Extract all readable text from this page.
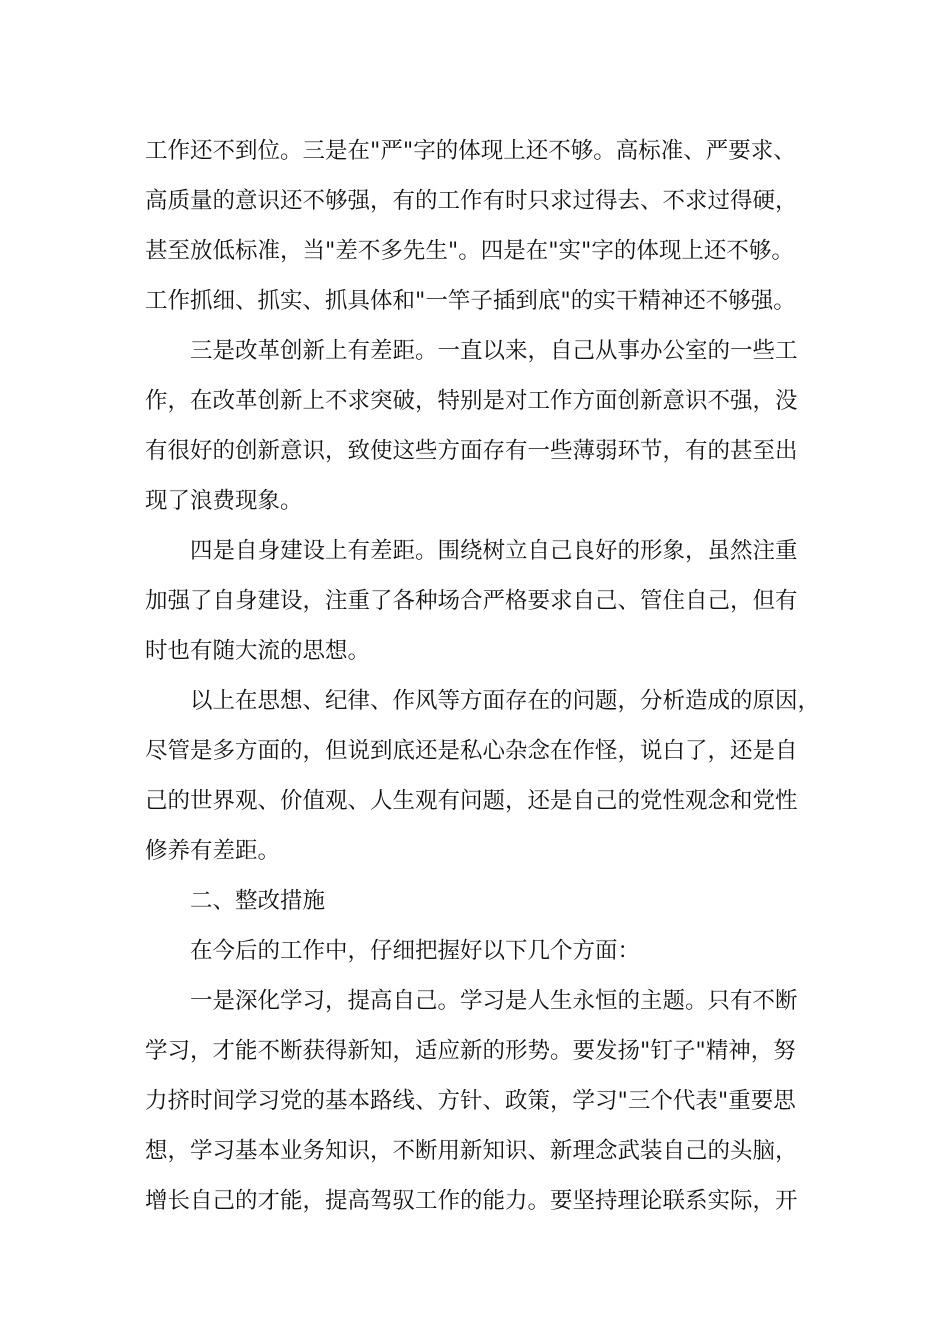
工作还不到位。三是在"严"字的体现上还不够。高标准、严要求、
高质量的意识还不够强，有的工作有时只求过得去、不求过得硬，
甚至放低标准，当"差不多先生"。四是在"实"字的体现上还不够。
工作抓细、抓实、抓具体和"一竿子插到底"的实干精神还不够强。
三是改革创新上有差距。一直以来，自己从事办公室的一些工
作，在改革创新上不求突破，特别是对工作方面创新意识不强，没
有很好的创新意识，致使这些方面存有一些薄弱环节，有的甚至出
现了浪费现象。
四是自身建设上有差距。围绕树立自己良好的形象，虽然注重
加强了自身建设，注重了各种场合严格要求自己、管住自己，但有
时也有随大流的思想。
以上在思想、纪律、作风等方面存在的问题，分析造成的原因，
尽管是多方面的，但说到底还是私心杂念在作怪，说白了，还是自
己的世界观、价值观、人生观有问题，还是自己的党性观念和党性
修养有差距。
二、整改措施
在今后的工作中，仔细把握好以下几个方面：
一是深化学习，提高自己。学习是人生永恒的主题。只有不断
学习，才能不断获得新知，适应新的形势。要发扬"钉子"精神，努
力挤时间学习党的基本路线、方针、政策，学习"三个代表"重要思
想，学习基本业务知识，不断用新知识、新理念武装自己的头脑，
增长自己的才能，提高驾驭工作的能力。要坚持理论联系实际，开
